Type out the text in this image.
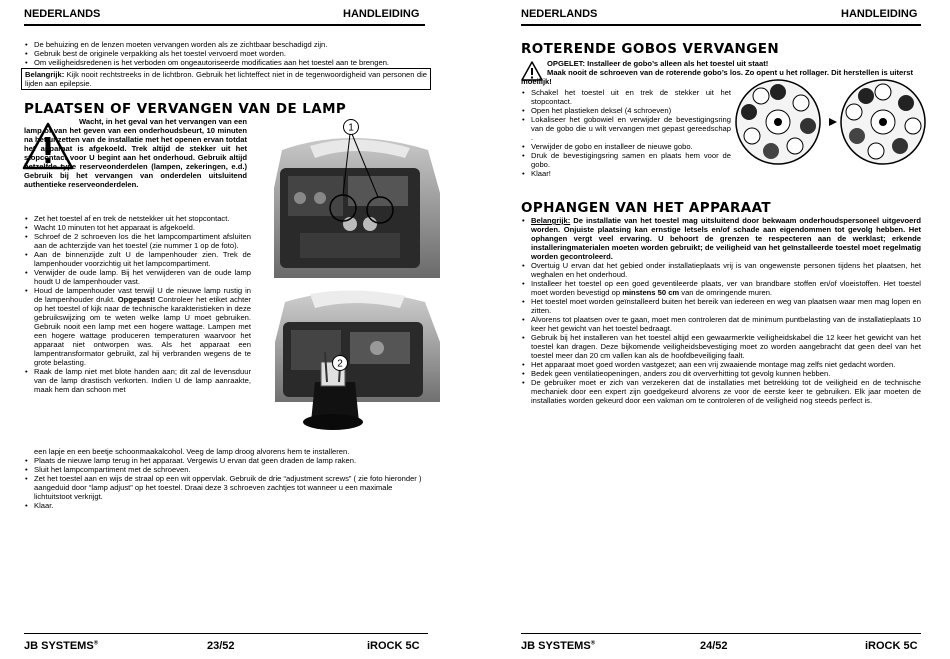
NEDERLANDS	HANDLEIDING
• De behuizing en de lenzen moeten vervangen worden als ze zichtbaar beschadigd zijn.
• Gebruik best de originele verpakking als het toestel vervoerd moet worden.
• Om veiligheidsredenen is het verboden om ongeautoriseerde modificaties aan het toestel aan te brengen.
Belangrijk: Kijk nooit rechtstreeks in de lichtbron. Gebruik het lichteffect niet in de tegenwoordigheid van personen die lijden aan epilepsie.
PLAATSEN OF VERVANGEN VAN DE LAMP
Wacht, in het geval van het vervangen van een lamp of van het geven van een onderhoudsbeurt, 10 minuten na het uitzetten van de installatie met het openen ervan totdat het apparaat is afgekoeld. Trek altijd de stekker uit het stopcontact voor U begint aan het onderhoud. Gebruik altijd hetzelfde type reserveonderdelen (lampen, zekeringen, e.d.) Gebruik bij het vervangen van onderdelen uitsluitend authentieke reserveonderdelen.
• Zet het toestel af en trek de netstekker uit het stopcontact.
• Wacht 10 minuten tot het apparaat is afgekoeld.
• Schroef de 2 schroeven los die het lampcompartiment afsluiten aan de achterzijde van het toestel (zie nummer 1 op de foto).
• Aan de binnenzijde zult U de lampenhouder zien. Trek de lampenhouder voorzichtig uit het lampcompartiment.
• Verwijder de oude lamp. Bij het verwijderen van de oude lamp houdt U de lampenhouder vast.
• Houd de lampenhouder vast terwijl U de nieuwe lamp rustig in de lampenhouder drukt. Opgepast! Controleer het etiket achter op het toestel of kijk naar de technische karakteristieken in deze gebruikswijzing om te weten welke lamp U moet gebruiken. Gebruik nooit een lamp met een hogere wattage. Lampen met een hogere wattage produceren temperaturen waarvoor het apparaat niet ontworpen was. Als het apparaat een lampentransformator gebruikt, zal hij verbranden wegens de te grote belasting.
• Raak de lamp niet met blote handen aan; dit zal de levensduur van de lamp drastisch verkorten. Indien U de lamp aanraakte, maak hem dan schoon met
een lapje en een beetje schoonmaakalcohol. Veeg de lamp droog alvorens hem te installeren.
• Plaats de nieuwe lamp terug in het apparaat. Vergewis U ervan dat geen draden de lamp raken.
• Sluit het lampcompartiment met de schroeven.
• Zet het toestel aan en wijs de straal op een wit oppervlak. Gebruik de drie “adjustment screws” ( zie foto hieronder ) aangeduid door “lamp adjust” op het toestel. Draai deze 3 schroeven zachtjes tot wanneer u een maximale lichtuitstoot verkrijgt.
• Klaar.
1
2
JB SYSTEMS®	23/52	iROCK 5C
NEDERLANDS	HANDLEIDING
ROTERENDE GOBOS VERVANGEN
OPGELET: Installeer de gobo’s alleen als het toestel uit staat!
Maak nooit de schroeven van de roterende gobo’s los. Zo opent u het rollager. Dit herstellen is uiterst moeilijk!
• Schakel het toestel uit en trek de stekker uit het stopcontact.
• Open het plastieken deksel (4 schroeven)
• Lokaliseer het gobowiel en verwijder de bevestigingsring van de gobo die u wilt vervangen met gepast gereedschap .
• Verwijder de gobo en installeer de nieuwe gobo.
• Druk de bevestigingsring samen en plaats hem voor de gobo.
• Klaar!
OPHANGEN VAN HET APPARAAT
• Belangrijk: De installatie van het toestel mag uitsluitend door bekwaam onderhoudspersoneel uitgevoerd worden. Onjuiste plaatsing kan ernstige letsels en/of schade aan eigendommen tot gevolg hebben. Het ophangen vergt veel ervaring. U behoort de grenzen te respecteren aan de werklast; erkende installeringmaterialen moeten worden gebruikt; de veiligheid van het geïnstalleerde toestel moet regelmatig worden gecontroleerd.
• Overtuig U ervan dat het gebied onder installatieplaats vrij is van ongewenste personen tijdens het plaatsen, het weghalen en het onderhoud.
• Installeer het toestel op een goed geventileerde plaats, ver van brandbare stoffen en/of vloeistoffen. Het toestel moet worden bevestigd op minstens 50 cm van de omringende muren.
• Het toestel moet worden geïnstalleerd buiten het bereik van iedereen en weg van plaatsen waar men mag lopen en zitten.
• Alvorens tot plaatsen over te gaan, moet men controleren dat de minimum puntbelasting van de installatieplaats 10 keer het gewicht van het toestel bedraagt.
• Gebruik bij het installeren van het toestel altijd een gewaarmerkte veiligheidskabel die 12 keer het gewicht van het toestel kan dragen. Deze bijkomende veiligheidsbevestiging moet zo worden aangebracht dat geen deel van het toestel meer dan 20 cm vallen kan als de hoofdbeveiliging faalt.
• Het apparaat moet goed worden vastgezet; aan een vrij zwaaiende montage mag zelfs niet gedacht worden.
• Bedek geen ventilatieopeningen, anders zou dit oververhitting tot gevolg kunnen hebben.
• De gebruiker moet er zich van verzekeren dat de installaties met betrekking tot de veiligheid en de technische mechaniek door een expert zijn goedgekeurd alvorens ze voor de eerste keer te gebruiken. Elk jaar moeten de installaties worden gekeurd door een vakman om te controleren of de veiligheid nog steeds perfect is.
JB SYSTEMS®	24/52	iROCK 5C
